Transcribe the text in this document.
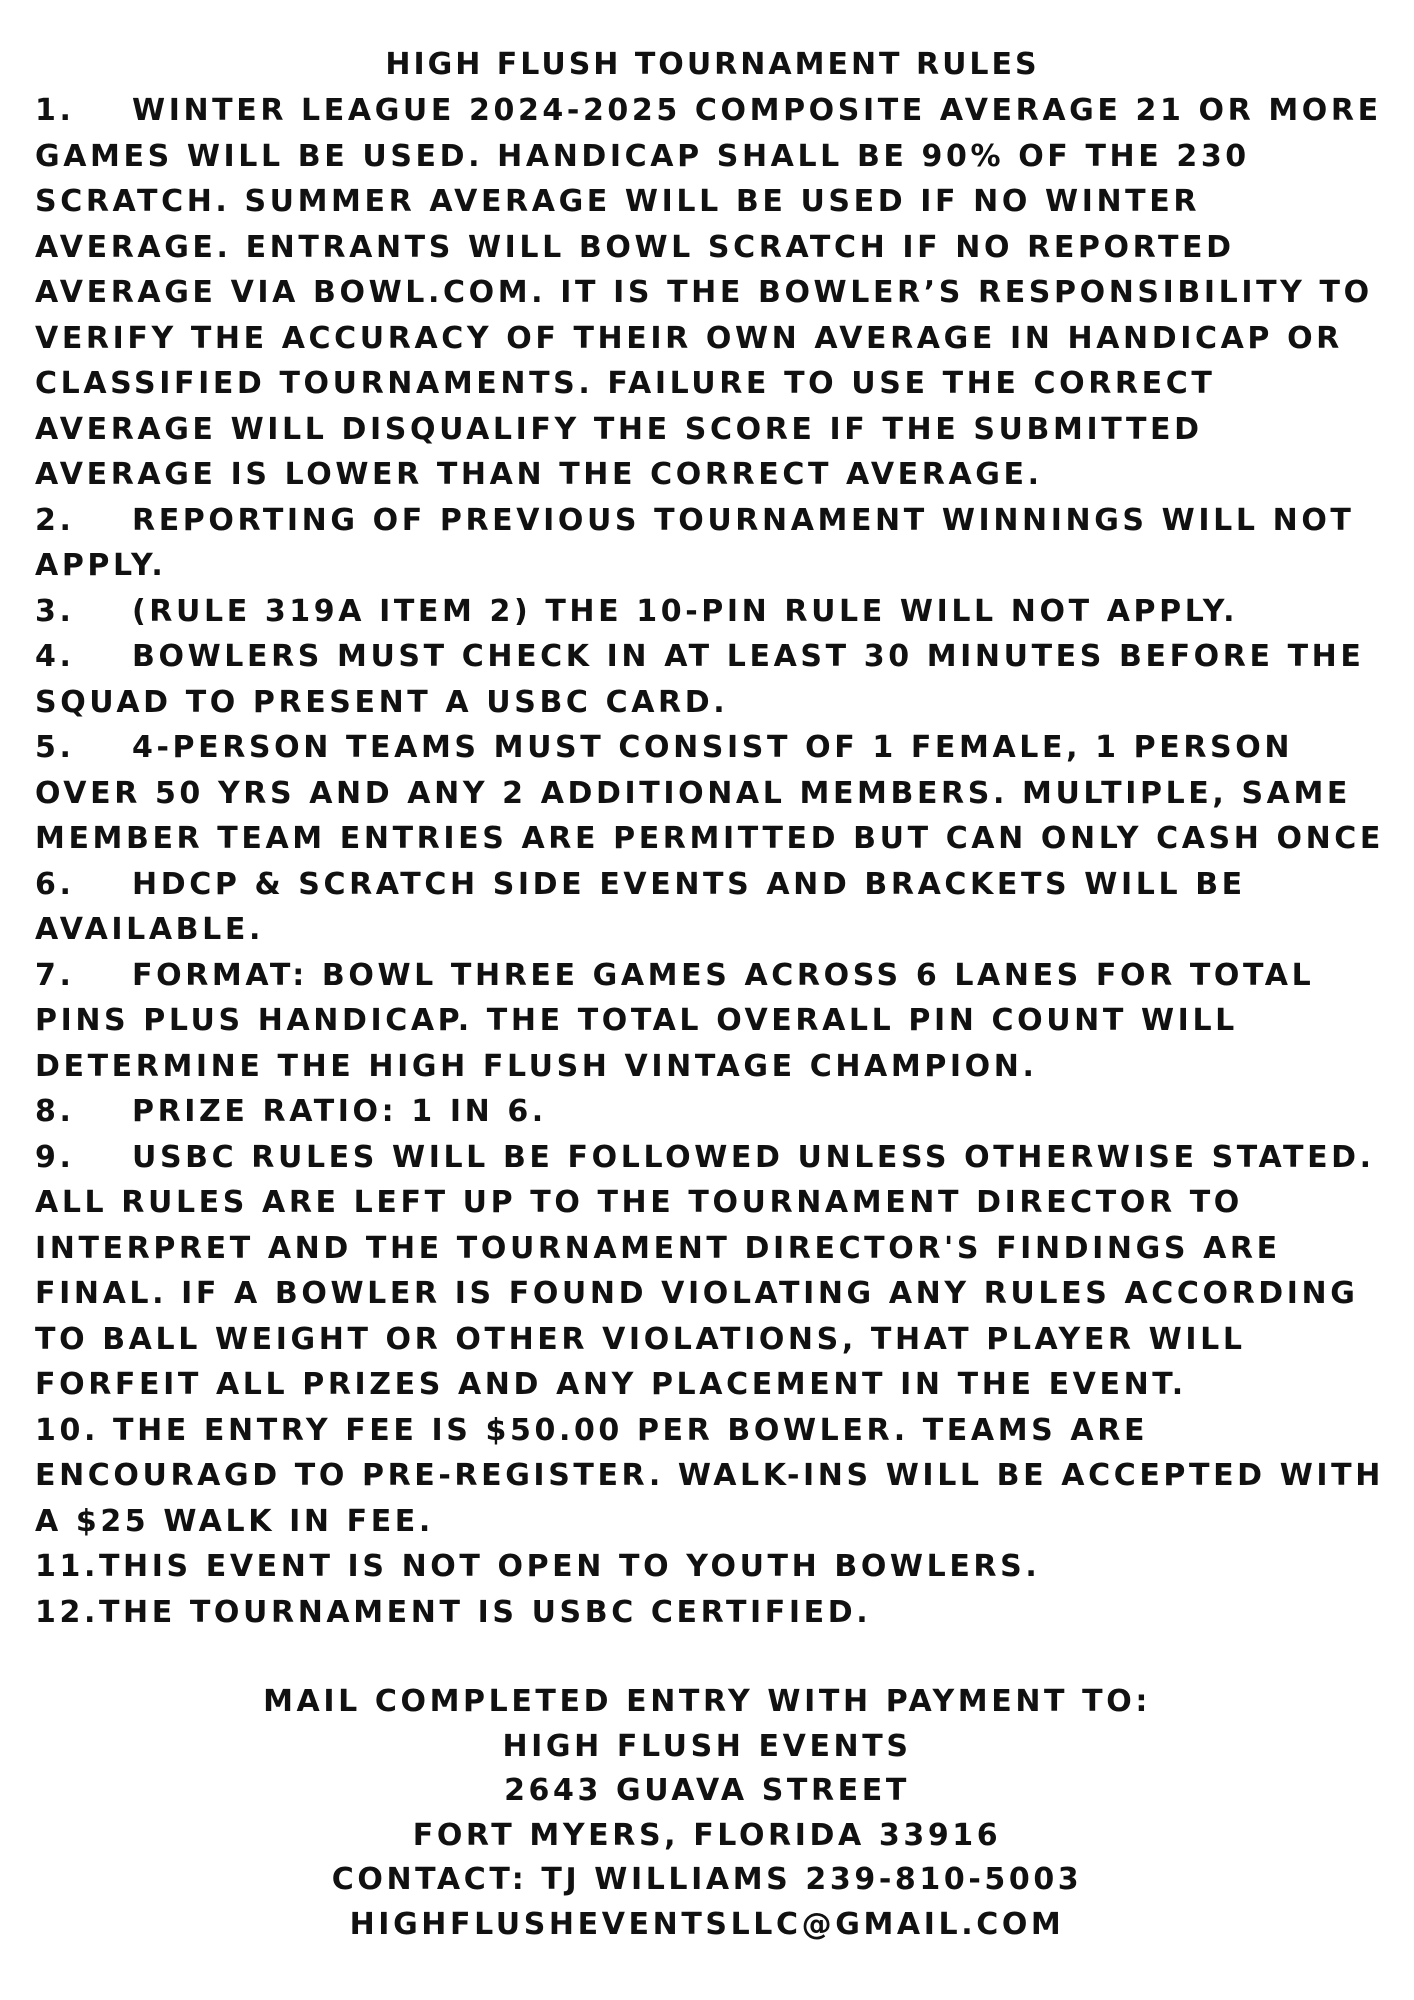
HIGH FLUSH TOURNAMENT RULES

1. WINTER LEAGUE 2024-2025 COMPOSITE AVERAGE 21 OR MORE GAMES WILL BE USED. HANDICAP SHALL BE 90% OF THE 230 SCRATCH. SUMMER AVERAGE WILL BE USED IF NO WINTER AVERAGE. ENTRANTS WILL BOWL SCRATCH IF NO REPORTED AVERAGE VIA BOWL.COM. IT IS THE BOWLER’S RESPONSIBILITY TO VERIFY THE ACCURACY OF THEIR OWN AVERAGE IN HANDICAP OR CLASSIFIED TOURNAMENTS. FAILURE TO USE THE CORRECT AVERAGE WILL DISQUALIFY THE SCORE IF THE SUBMITTED AVERAGE IS LOWER THAN THE CORRECT AVERAGE.

2. REPORTING OF PREVIOUS TOURNAMENT WINNINGS WILL NOT APPLY.

3. (RULE 319A ITEM 2) THE 10-PIN RULE WILL NOT APPLY.

4. BOWLERS MUST CHECK IN AT LEAST 30 MINUTES BEFORE THE SQUAD TO PRESENT A USBC CARD.

5. 4-PERSON TEAMS MUST CONSIST OF 1 FEMALE, 1 PERSON OVER 50 YRS AND ANY 2 ADDITIONAL MEMBERS. MULTIPLE, SAME MEMBER TEAM ENTRIES ARE PERMITTED BUT CAN ONLY CASH ONCE

6. HDCP & SCRATCH SIDE EVENTS AND BRACKETS WILL BE AVAILABLE.

7. FORMAT: BOWL THREE GAMES ACROSS 6 LANES FOR TOTAL PINS PLUS HANDICAP. THE TOTAL OVERALL PIN COUNT WILL DETERMINE THE HIGH FLUSH VINTAGE CHAMPION.

8. PRIZE RATIO: 1 IN 6.

9. USBC RULES WILL BE FOLLOWED UNLESS OTHERWISE STATED. ALL RULES ARE LEFT UP TO THE TOURNAMENT DIRECTOR TO INTERPRET AND THE TOURNAMENT DIRECTOR'S FINDINGS ARE FINAL. IF A BOWLER IS FOUND VIOLATING ANY RULES ACCORDING TO BALL WEIGHT OR OTHER VIOLATIONS, THAT PLAYER WILL FORFEIT ALL PRIZES AND ANY PLACEMENT IN THE EVENT.

10. THE ENTRY FEE IS $50.00 PER BOWLER. TEAMS ARE ENCOURAGD TO PRE-REGISTER. WALK-INS WILL BE ACCEPTED WITH A $25 WALK IN FEE.

11.THIS EVENT IS NOT OPEN TO YOUTH BOWLERS.

12.THE TOURNAMENT IS USBC CERTIFIED.

MAIL COMPLETED ENTRY WITH PAYMENT TO:

HIGH FLUSH EVENTS

2643 GUAVA STREET

FORT MYERS, FLORIDA 33916

CONTACT: TJ WILLIAMS 239-810-5003

HIGHFLUSHEVENTSLLC@GMAIL.COM
